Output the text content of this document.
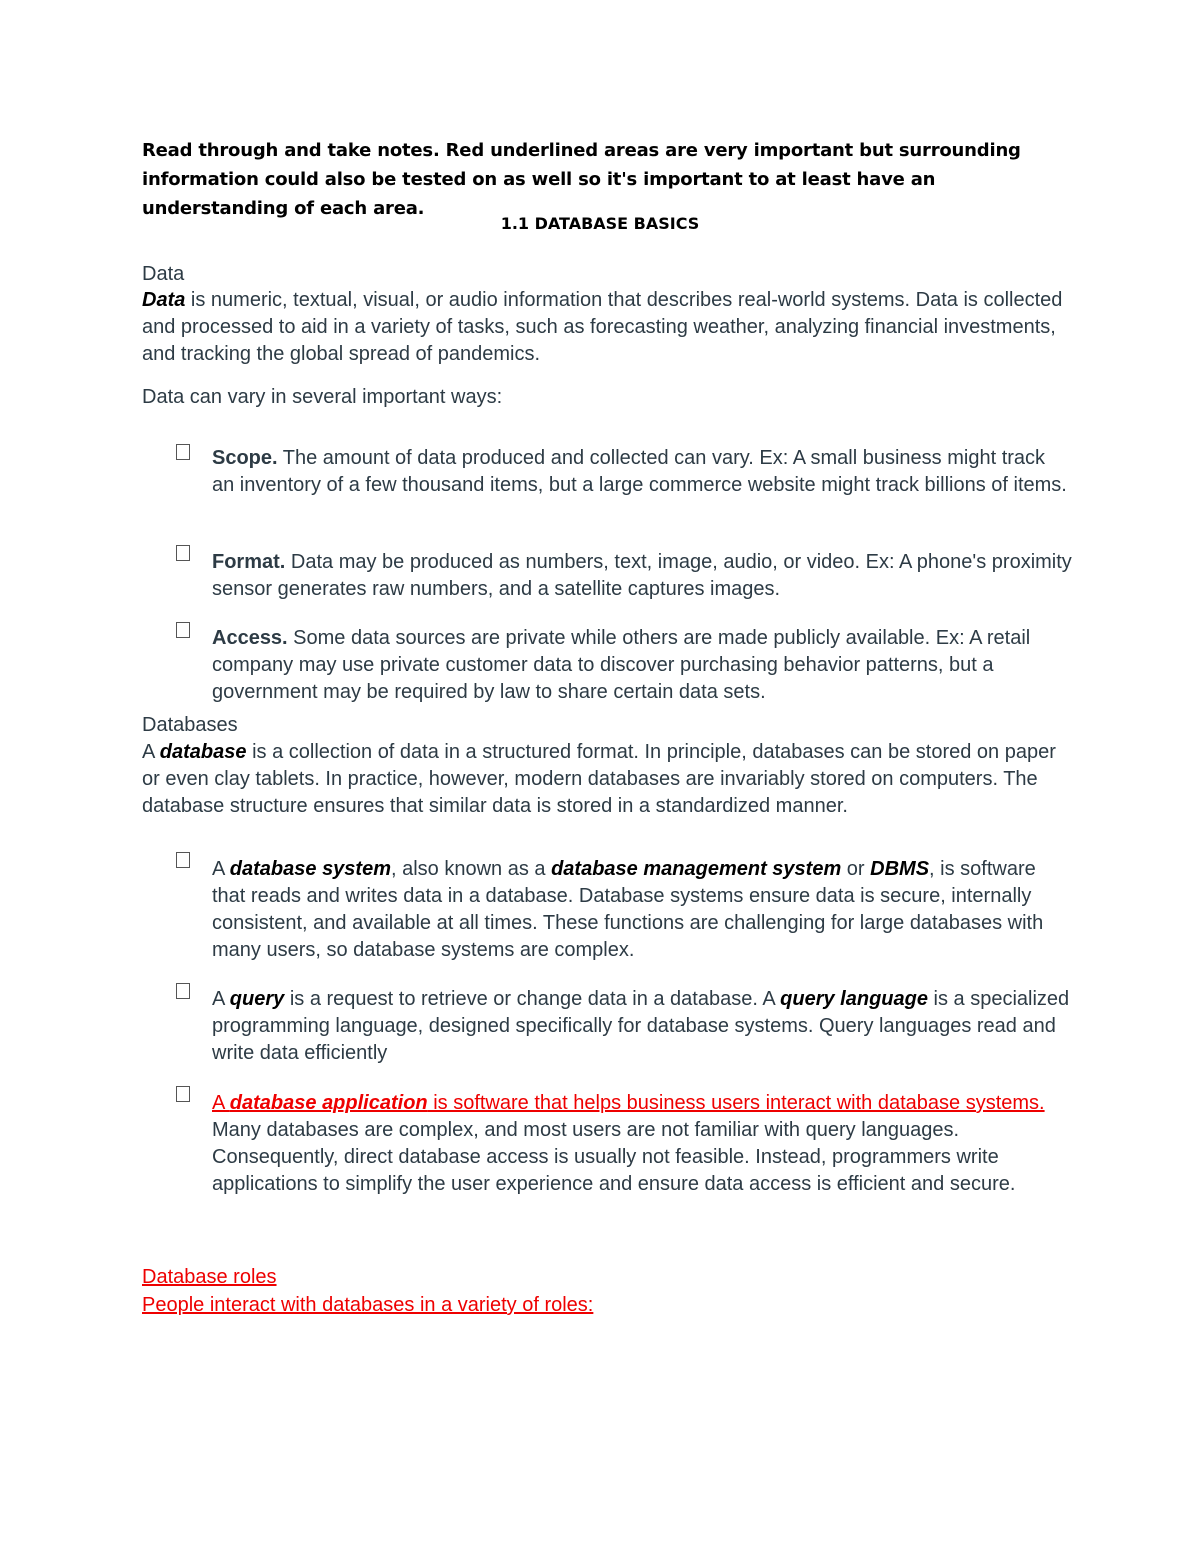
Read through and take notes. Red underlined areas are very important but surrounding information could also be tested on as well so it's important to at least have an understanding of each area.
1.1 DATABASE BASICS
Data
Data is numeric, textual, visual, or audio information that describes real-world systems. Data is collected and processed to aid in a variety of tasks, such as forecasting weather, analyzing financial investments, and tracking the global spread of pandemics.
Data can vary in several important ways:
Scope. The amount of data produced and collected can vary. Ex: A small business might track an inventory of a few thousand items, but a large commerce website might track billions of items.
Format. Data may be produced as numbers, text, image, audio, or video. Ex: A phone's proximity sensor generates raw numbers, and a satellite captures images.
Access. Some data sources are private while others are made publicly available. Ex: A retail company may use private customer data to discover purchasing behavior patterns, but a government may be required by law to share certain data sets.
Databases
A database is a collection of data in a structured format. In principle, databases can be stored on paper or even clay tablets. In practice, however, modern databases are invariably stored on computers. The database structure ensures that similar data is stored in a standardized manner.
A database system, also known as a database management system or DBMS, is software that reads and writes data in a database. Database systems ensure data is secure, internally consistent, and available at all times. These functions are challenging for large databases with many users, so database systems are complex.
A query is a request to retrieve or change data in a database. A query language is a specialized programming language, designed specifically for database systems. Query languages read and write data efficiently
A database application is software that helps business users interact with database systems. Many databases are complex, and most users are not familiar with query languages. Consequently, direct database access is usually not feasible. Instead, programmers write applications to simplify the user experience and ensure data access is efficient and secure.
Database roles
People interact with databases in a variety of roles:
